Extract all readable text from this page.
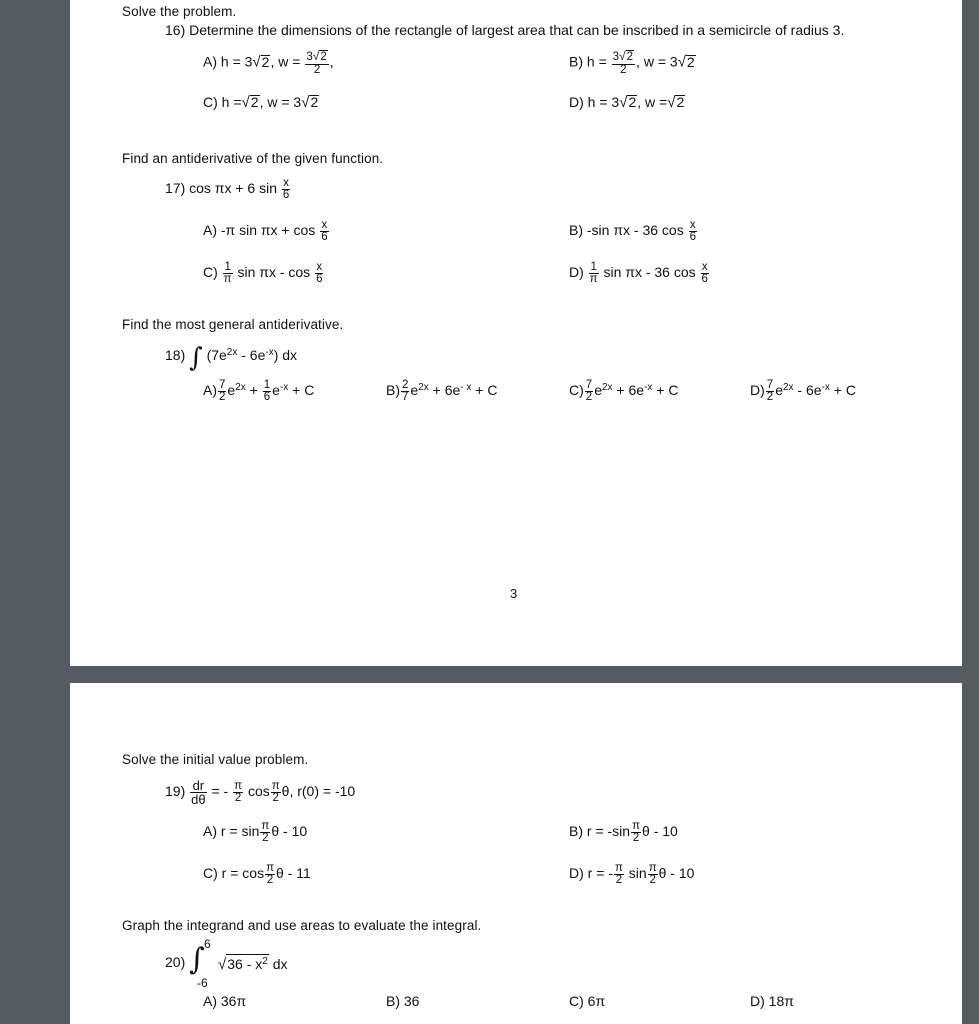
Solve the problem.
16) Determine the dimensions of the rectangle of largest area that can be inscribed in a semicircle of radius 3.
A) h = 3√2, $w = \frac{3√2}{2}$ ,	B) $h = \frac{3√2}{2}$ , w = 3√2
C) h =√2, w = 3√2	D) h = 3√2, w =√2
Find an antiderivative of the given function.
17) cos πx + 6 $\sin \frac{x}{6}$
A) -π $\sin \pi x + \cos \frac{x}{6}$	B) -sin πx - 36 $\cos \frac{x}{6}$
$C) \frac{1}{\pi}$ sin πx - $\cos \frac{x}{6}$	$D) \frac{1}{\pi}$ sin πx - 36 $\cos \frac{x}{6}$
Find the most general antiderivative.
18) ∫ $(7e^{2x} - 6e^{-x})$ dx
$A) \frac{7}{2} e^{2x} + \frac{1}{6} e^{-x} + C$	$B) \frac{2}{7} e^{2x} + 6e^{- x} + C$	$C) \frac{7}{2} e^{2x} + 6e^{-x} + C$	$D) \frac{7}{2} e^{2x} - 6e^{-x} + C$
3
Solve the initial value problem.
$19) \frac{dr}{d\theta}$ = - $\frac{\pi}{2}$ $\cos \frac{\pi}{2} \theta$, r(0) = -10
A) $r = \sin \frac{\pi}{2}$ θ - 10	B) $r = -\sin \frac{\pi}{2}$ θ - 10
C) $r = \cos \frac{\pi}{2}$ θ - 11	D) r = - $\frac{\pi}{2}$ $\sin \frac{\pi}{2}$ θ - 10
Graph the integrand and use areas to evaluate the integral.
20) ∫ 6
-6
$√36 - x^2$ dx
A) 36π	B) 36	C) 6π	D) 18π
